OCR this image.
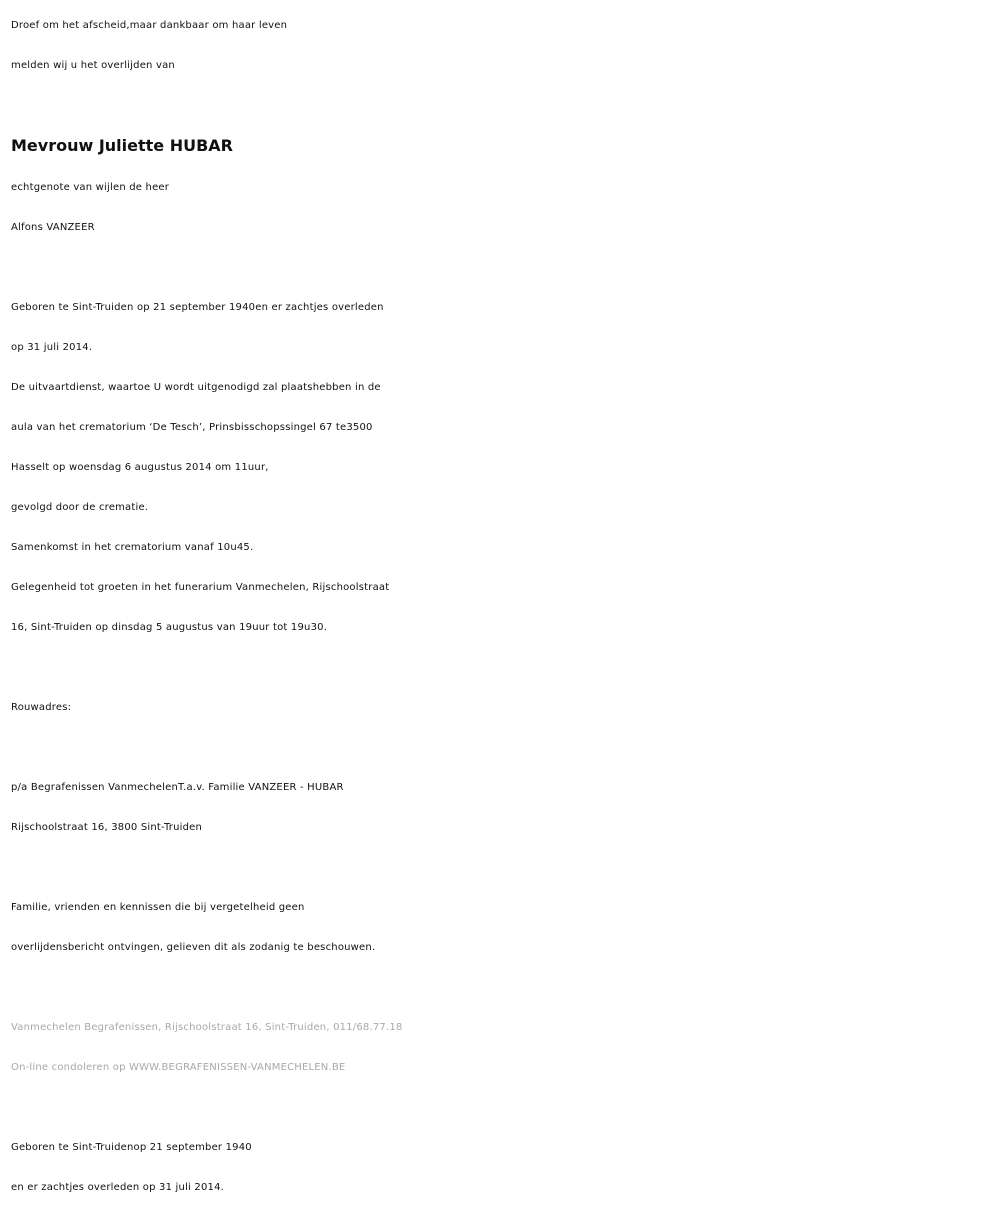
Droef om het afscheid,maar dankbaar om haar leven
melden wij u het overlijden van
Mevrouw Juliette HUBAR
echtgenote van wijlen de heer
Alfons VANZEER
Geboren te Sint-Truiden op 21 september 1940en er zachtjes overleden
op 31 juli 2014.
De uitvaartdienst, waartoe U wordt uitgenodigd zal plaatshebben in de
aula van het crematorium ‘De Tesch’, Prinsbisschopssingel 67 te3500
Hasselt op woensdag 6 augustus 2014 om 11uur,
gevolgd door de crematie.
Samenkomst in het crematorium vanaf 10u45.
Gelegenheid tot groeten in het funerarium Vanmechelen, Rijschoolstraat
16, Sint-Truiden op dinsdag 5 augustus van 19uur tot 19u30.
Rouwadres:
p/a Begrafenissen VanmechelenT.a.v. Familie VANZEER - HUBAR
Rijschoolstraat 16, 3800 Sint-Truiden
Familie, vrienden en kennissen die bij vergetelheid geen
overlijdensbericht ontvingen, gelieven dit als zodanig te beschouwen.
Vanmechelen Begrafenissen, Rijschoolstraat 16, Sint-Truiden, 011/68.77.18
On-line condoleren op WWW.BEGRAFENISSEN-VANMECHELEN.BE
Geboren te Sint-Truidenop 21 september 1940
en er zachtjes overleden op 31 juli 2014.
